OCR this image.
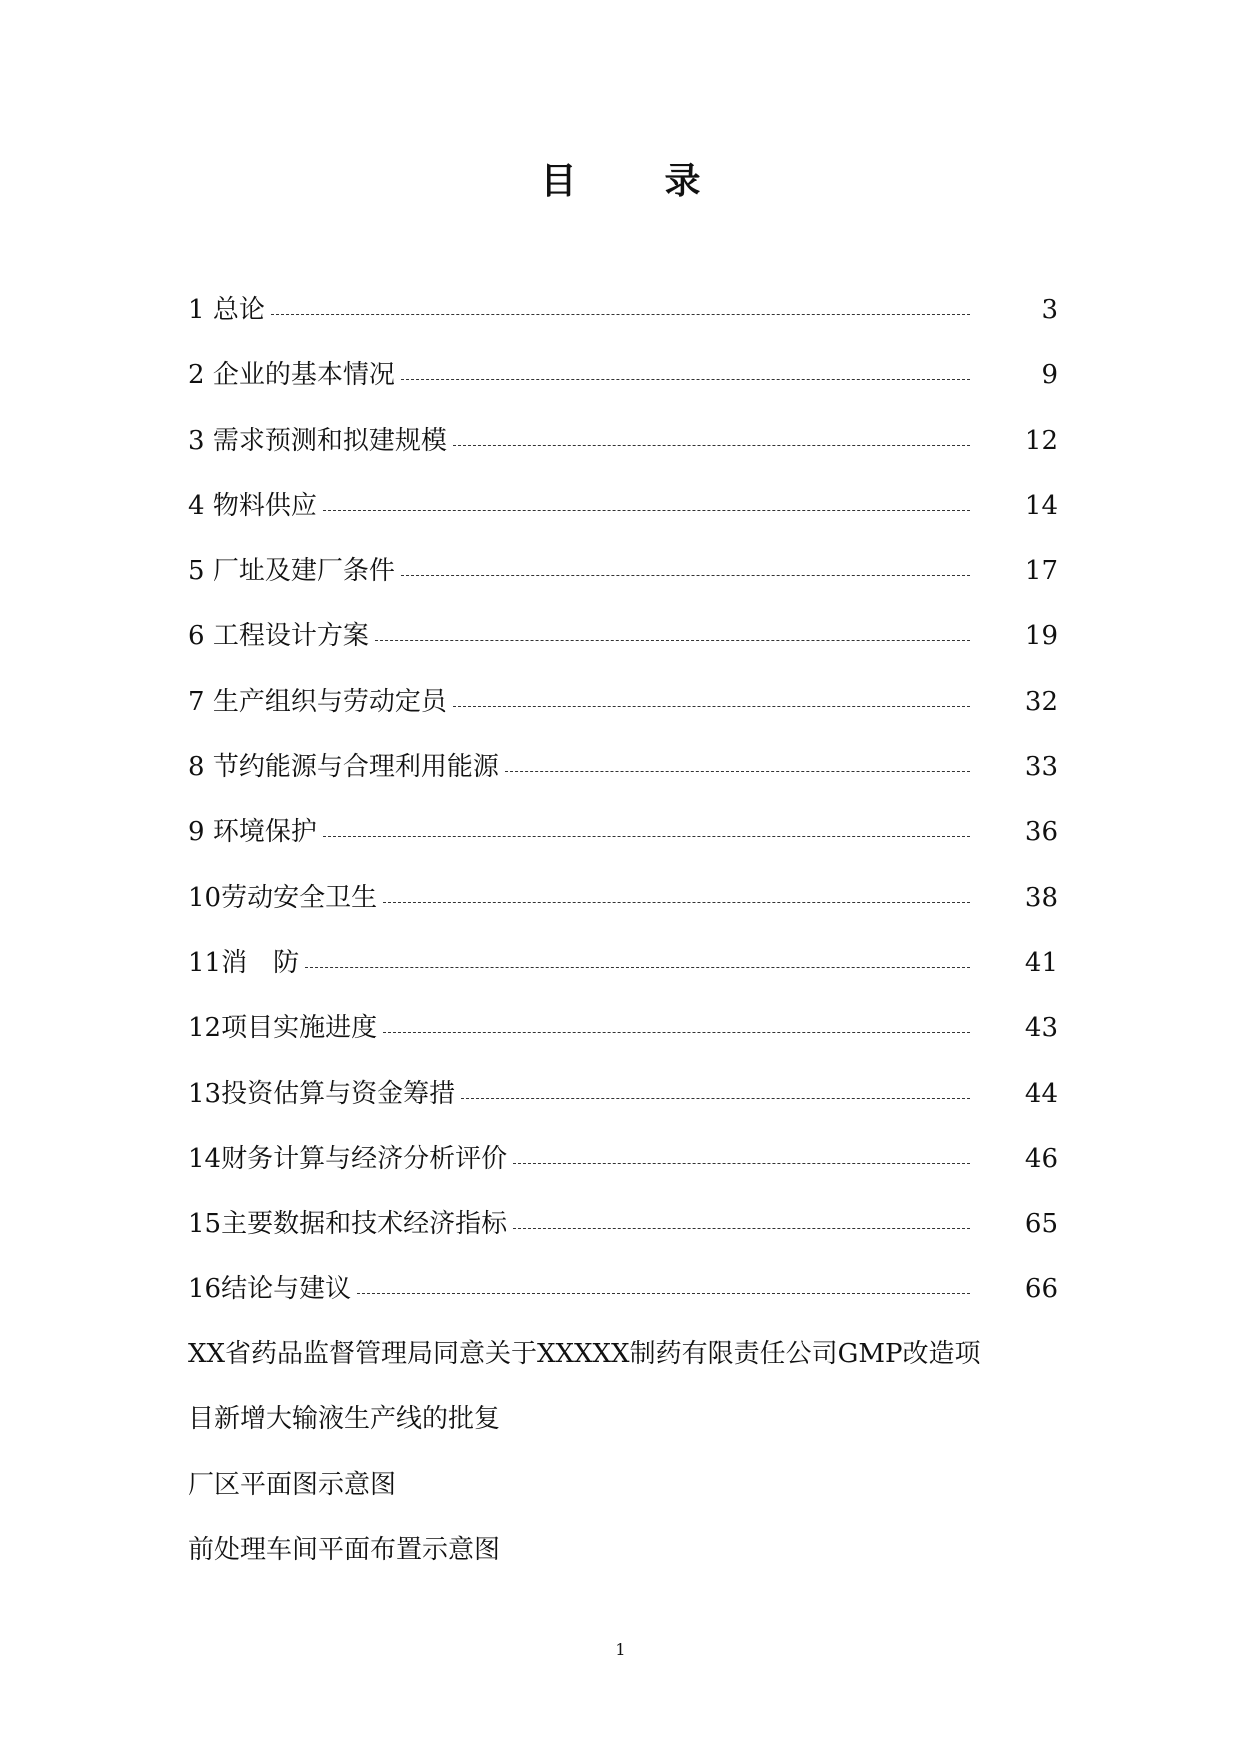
目 录
1 总论	3
2 企业的基本情况	9
3 需求预测和拟建规模	12
4 物料供应	14
5 厂址及建厂条件	17
6 工程设计方案	19
7 生产组织与劳动定员	32
8 节约能源与合理利用能源	33
9 环境保护	36
10 劳动安全卫生	38
11 消　防	41
12 项目实施进度	43
13 投资估算与资金筹措	44
14 财务计算与经济分析评价	46
15 主要数据和技术经济指标	65
16 结论与建议	66
XX省药品监督管理局同意关于XXXXX制药有限责任公司GMP改造项
目新增大输液生产线的批复
厂区平面图示意图
前处理车间平面布置示意图
1
